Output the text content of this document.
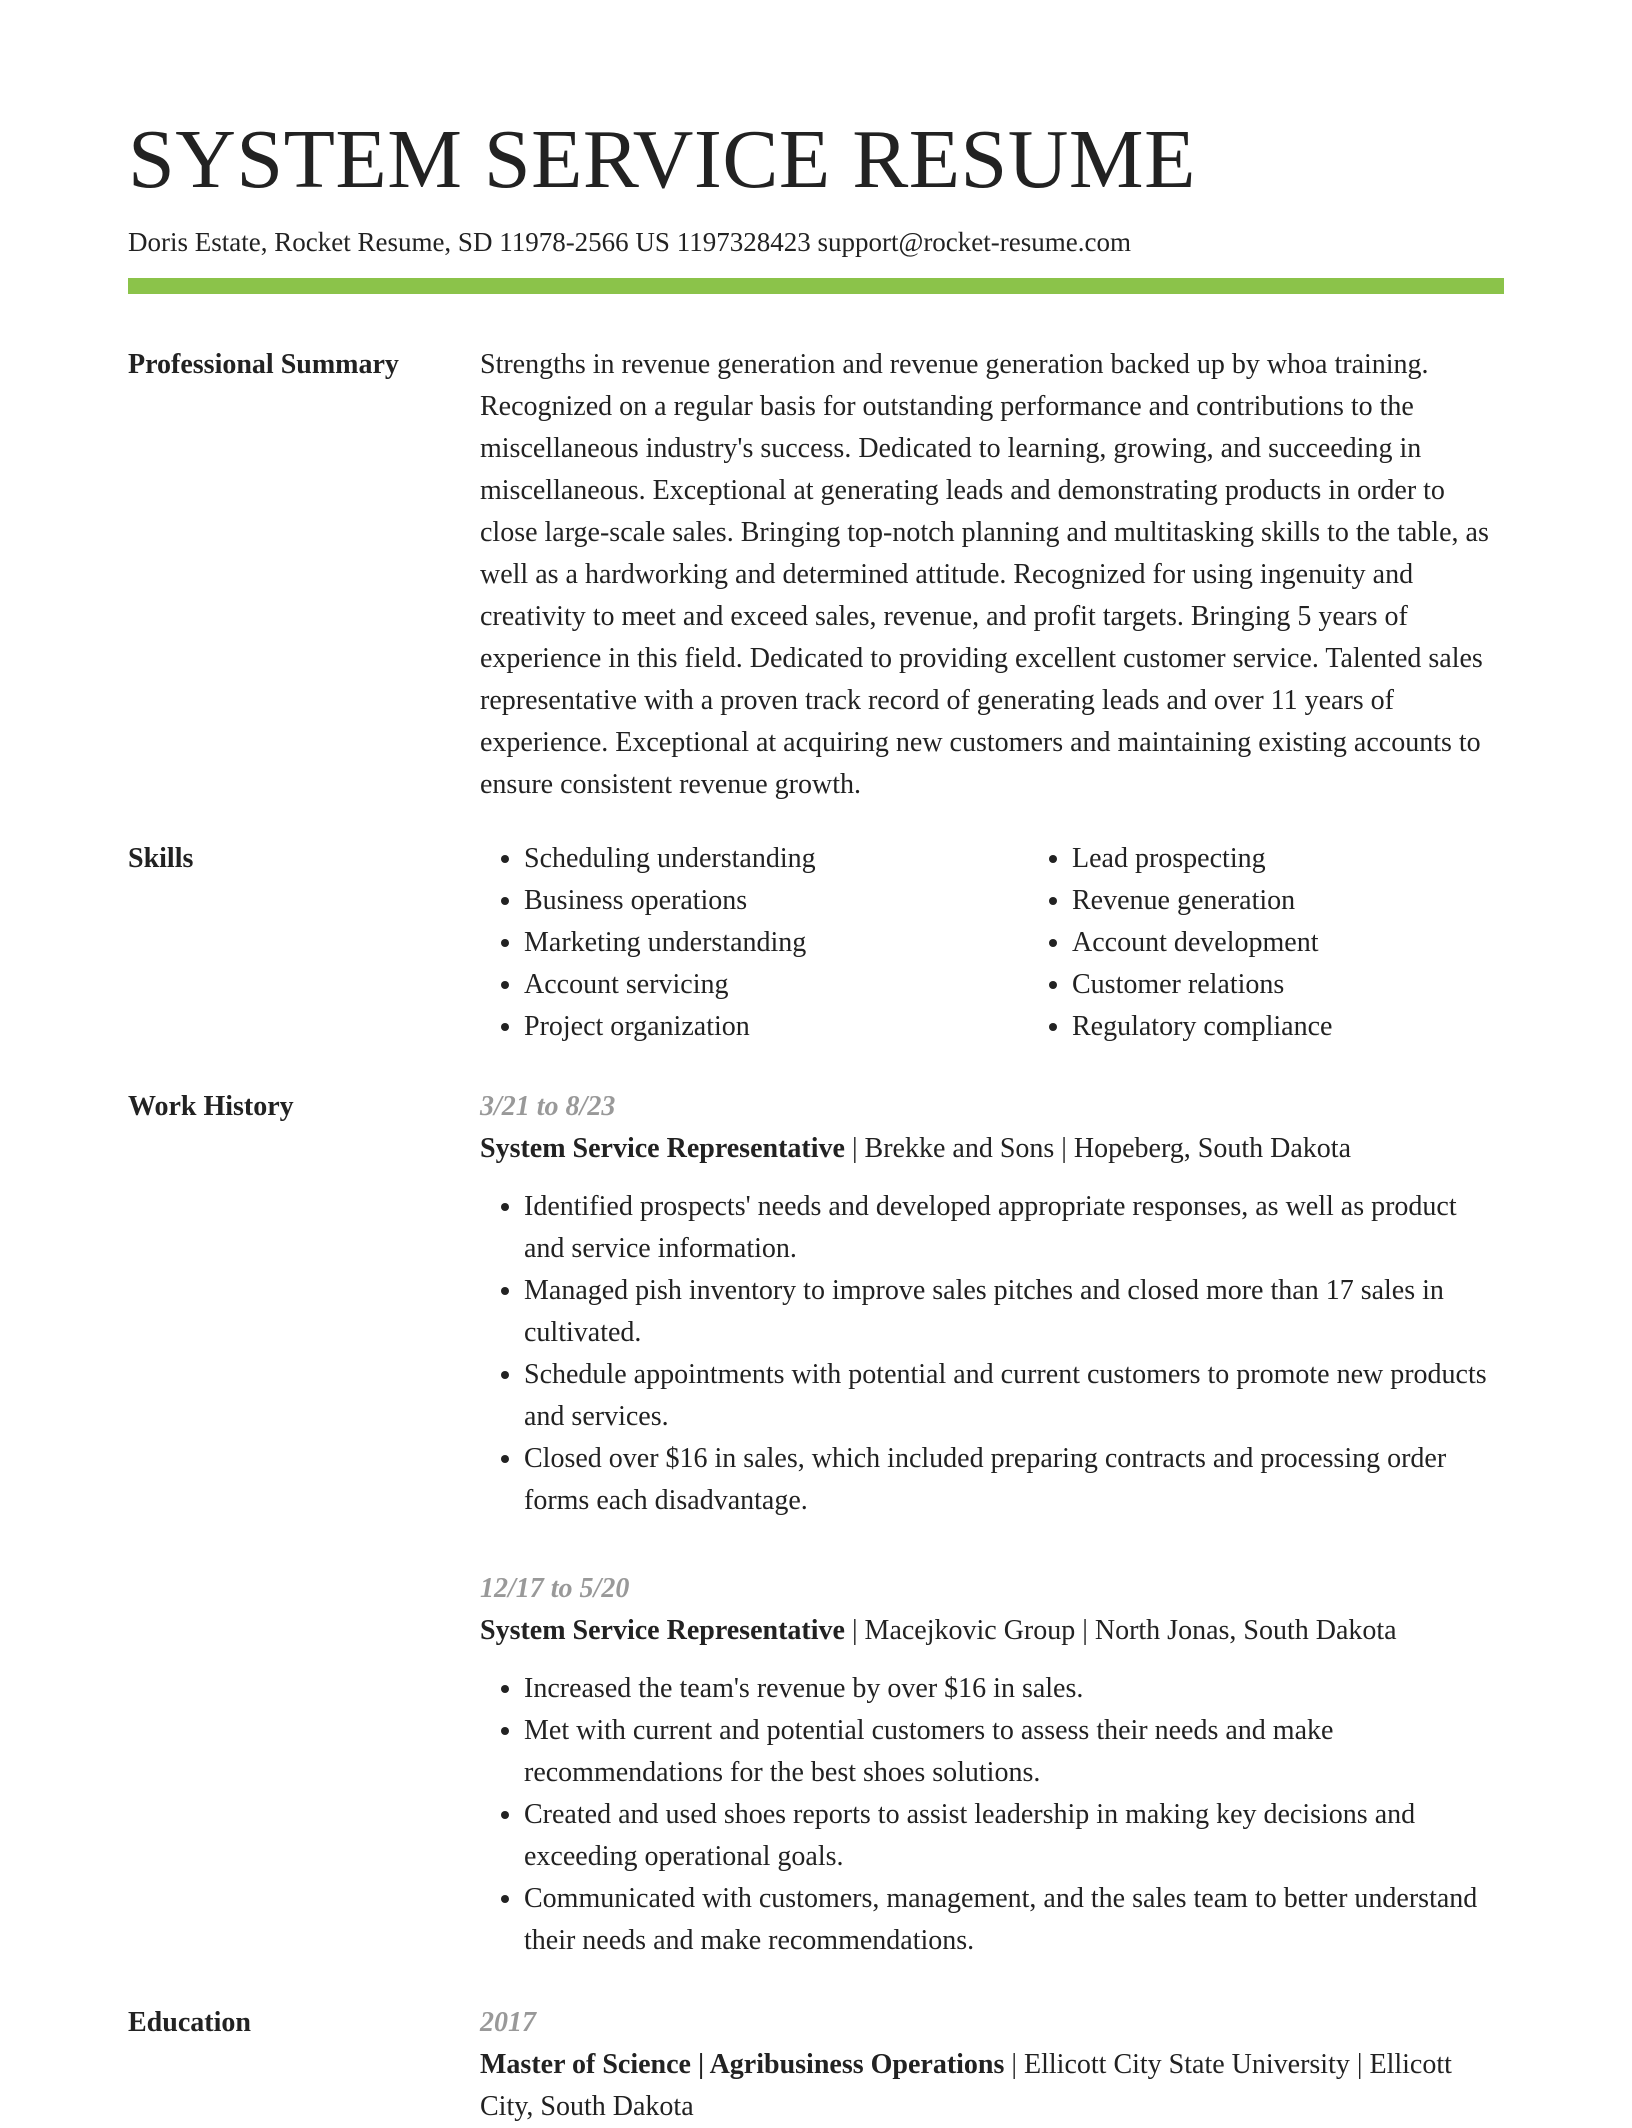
SYSTEM SERVICE RESUME
Doris Estate, Rocket Resume, SD 11978-2566 US 1197328423 support@rocket-resume.com
Professional Summary	Strengths in revenue generation and revenue generation backed up by whoa training. Recognized on a regular basis for outstanding performance and contributions to the miscellaneous industry's success. Dedicated to learning, growing, and succeeding in miscellaneous. Exceptional at generating leads and demonstrating products in order to close large-scale sales. Bringing top-notch planning and multitasking skills to the table, as well as a hardworking and determined attitude. Recognized for using ingenuity and creativity to meet and exceed sales, revenue, and profit targets. Bringing 5 years of experience in this field. Dedicated to providing excellent customer service. Talented sales representative with a proven track record of generating leads and over 11 years of experience. Exceptional at acquiring new customers and maintaining existing accounts to ensure consistent revenue growth.
Skills
•	Scheduling understanding
• Business operations
• Marketing understanding
• Account servicing
• Project organization
• Lead prospecting
• Revenue generation
• Account development
• Customer relations
• Regulatory compliance
Work History	3/21 to 8/23
System Service Representative | Brekke and Sons | Hopeberg, South Dakota
• Identified prospects' needs and developed appropriate responses, as well as product and service information.
• Managed pish inventory to improve sales pitches and closed more than 17 sales in cultivated.
• Schedule appointments with potential and current customers to promote new products and services.
• Closed over $16 in sales, which included preparing contracts and processing order forms each disadvantage.
12/17 to 5/20
System Service Representative | Macejkovic Group | North Jonas, South Dakota
• Increased the team's revenue by over $16 in sales.
• Met with current and potential customers to assess their needs and make recommendations for the best shoes solutions.
• Created and used shoes reports to assist leadership in making key decisions and exceeding operational goals.
• Communicated with customers, management, and the sales team to better understand their needs and make recommendations.
Education	2017
Master of Science | Agribusiness Operations | Ellicott City State University | Ellicott City, South Dakota
